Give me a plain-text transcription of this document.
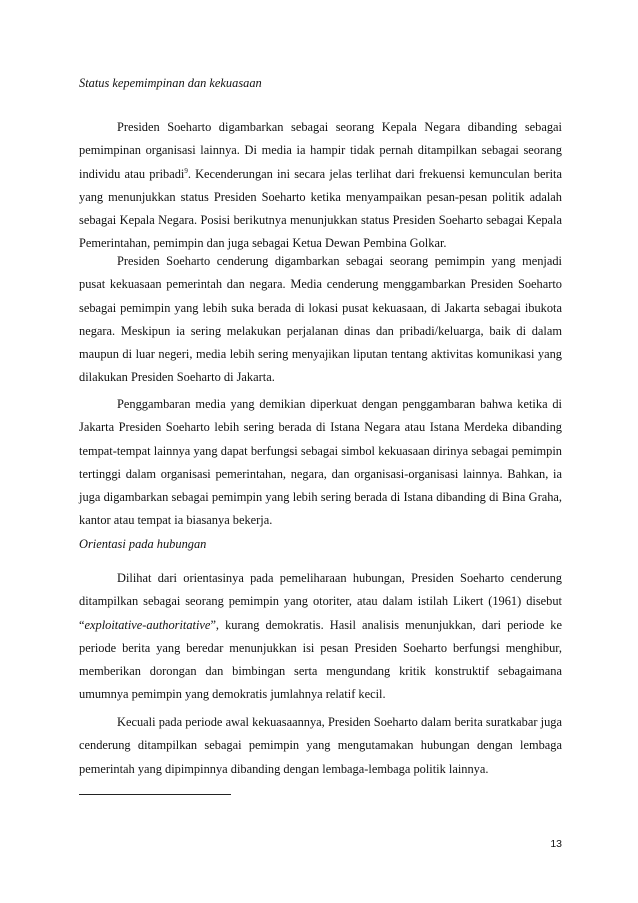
Status kepemimpinan dan kekuasaan

Presiden Soeharto digambarkan sebagai seorang Kepala Negara dibanding sebagai pemimpinan organisasi lainnya. Di media ia hampir tidak pernah ditampilkan sebagai seorang individu atau pribadi$^9$. Kecenderungan ini secara jelas terlihat dari frekuensi kemunculan berita yang menunjukkan status Presiden Soeharto ketika menyampaikan pesan-pesan politik adalah sebagai Kepala Negara. Posisi berikutnya menunjukkan status Presiden Soeharto sebagai Kepala Pemerintahan, pemimpin dan juga sebagai Ketua Dewan Pembina Golkar.

Presiden Soeharto cenderung digambarkan sebagai seorang pemimpin yang menjadi pusat kekuasaan pemerintah dan negara. Media cenderung menggambarkan Presiden Soeharto sebagai pemimpin yang lebih suka berada di lokasi pusat kekuasaan, di Jakarta sebagai ibukota negara. Meskipun ia sering melakukan perjalanan dinas dan pribadi/keluarga, baik di dalam maupun di luar negeri, media lebih sering menyajikan liputan tentang aktivitas komunikasi yang dilakukan Presiden Soeharto di Jakarta.

Penggambaran media yang demikian diperkuat dengan penggambaran bahwa ketika di Jakarta Presiden Soeharto lebih sering berada di Istana Negara atau Istana Merdeka dibanding tempat-tempat lainnya yang dapat berfungsi sebagai simbol kekuasaan dirinya sebagai pemimpin tertinggi dalam organisasi pemerintahan, negara, dan organisasi-organisasi lainnya. Bahkan, ia juga digambarkan sebagai pemimpin yang lebih sering berada di Istana dibanding di Bina Graha, kantor atau tempat ia biasanya bekerja.

Orientasi pada hubungan

Dilihat dari orientasinya pada pemeliharaan hubungan, Presiden Soeharto cenderung ditampilkan sebagai seorang pemimpin yang otoriter, atau dalam istilah Likert (1961) disebut “exploitative-authoritative”, kurang demokratis. Hasil analisis menunjukkan, dari periode ke periode berita yang beredar menunjukkan isi pesan Presiden Soeharto berfungsi menghibur, memberikan dorongan dan bimbingan serta mengundang kritik konstruktif sebagaimana umumnya pemimpin yang demokratis jumlahnya relatif kecil.

Kecuali pada periode awal kekuasaannya, Presiden Soeharto dalam berita suratkabar juga cenderung ditampilkan sebagai pemimpin yang mengutamakan hubungan dengan lembaga pemerintah yang dipimpinnya dibanding dengan lembaga-lembaga politik lainnya.

13
